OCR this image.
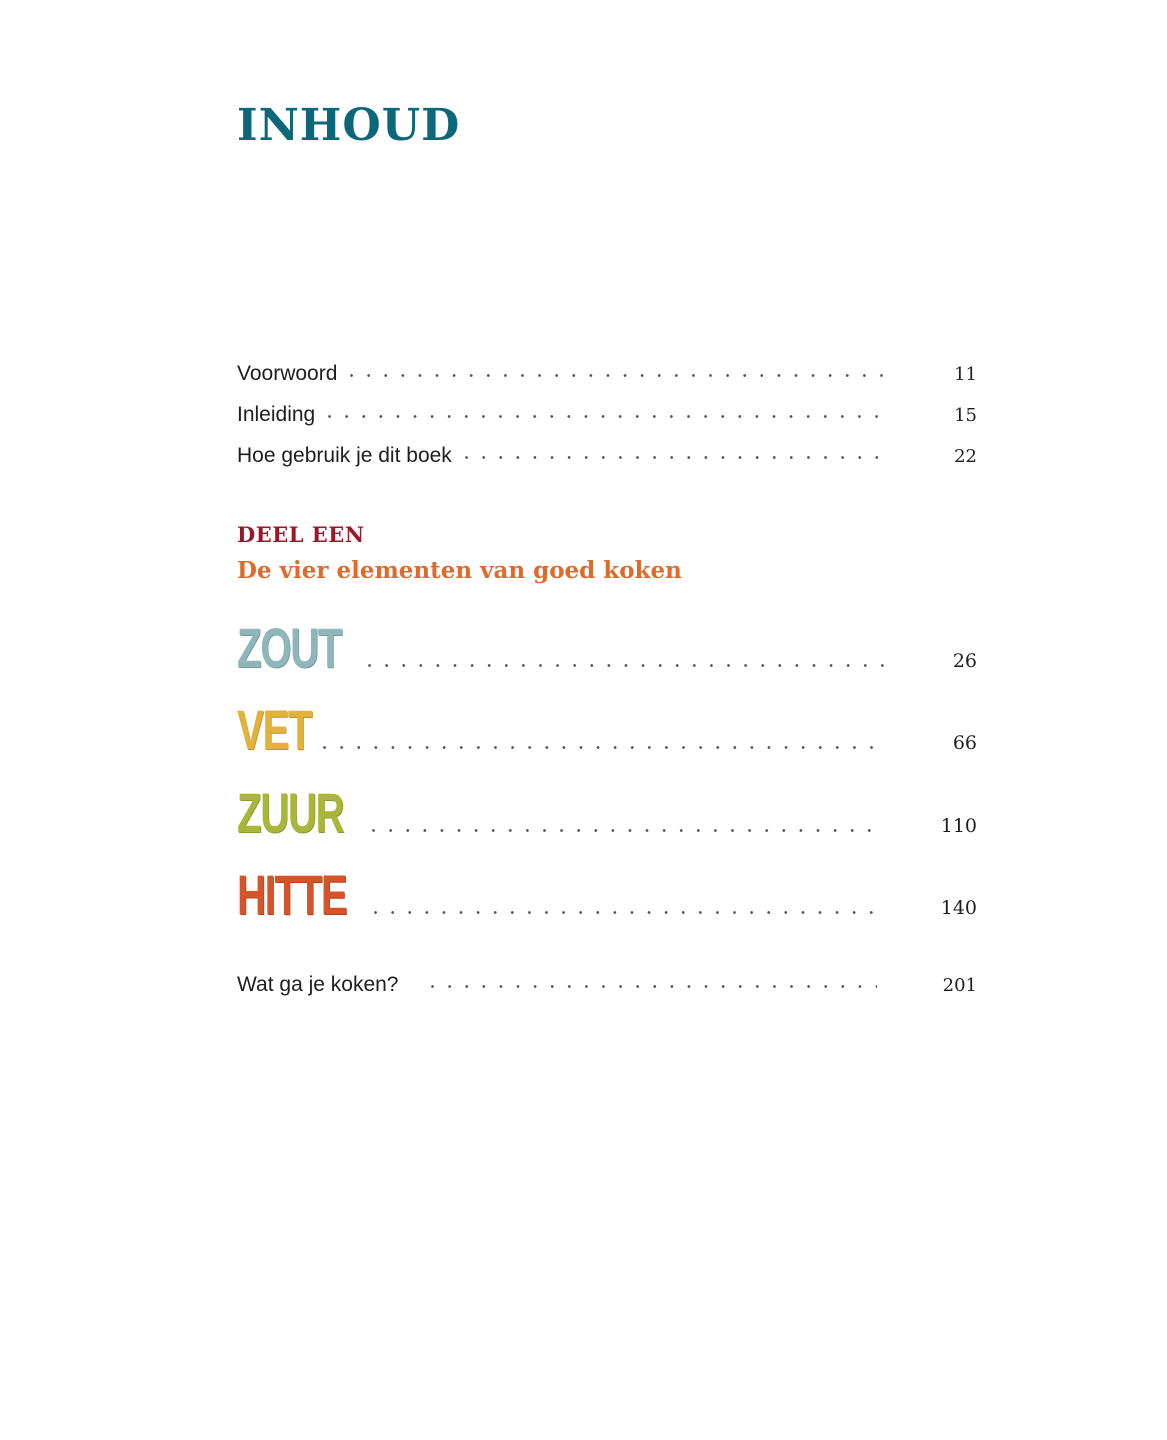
INHOUD
Voorwoord	11
Inleiding	15
Hoe gebruik je dit boek	22
DEEL EEN
De vier elementen van goed koken
ZOUT	26
VET	66
ZUUR	110
HITTE	140
Wat ga je koken?	201
